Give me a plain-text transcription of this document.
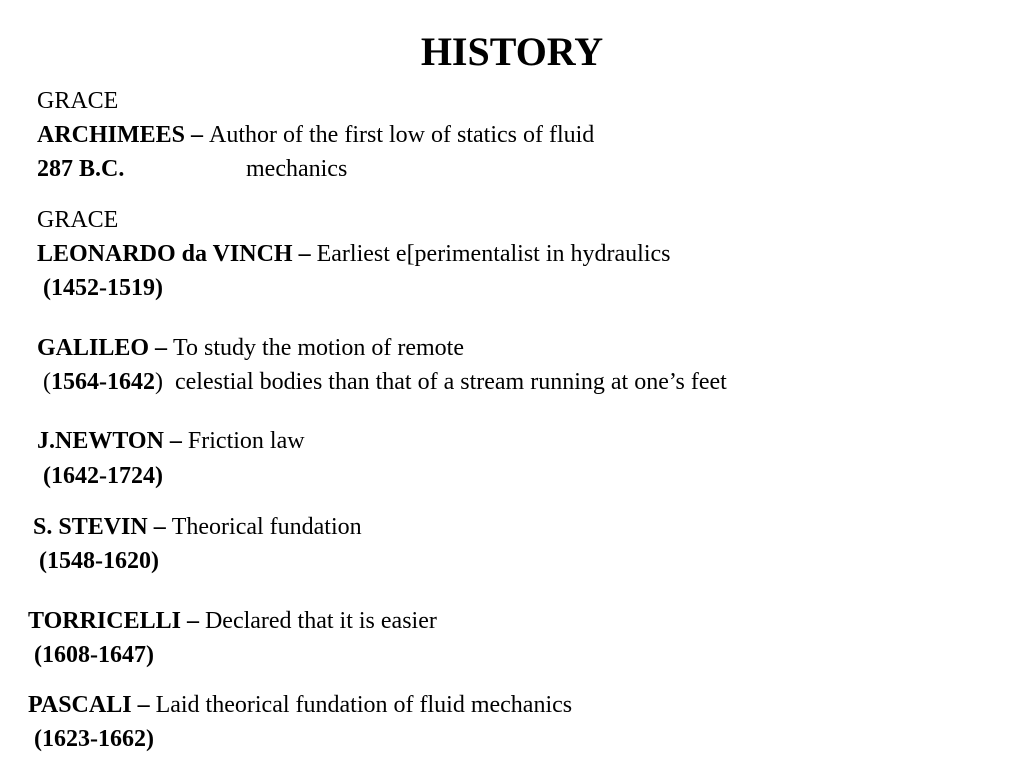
HISTORY
GRACE
ARCHIMEES – Author of the first low of statics of fluid
287 B.C.	mechanics
GRACE
LEONARDO da VINCH – Earliest e[perimentalist in hydraulics
(1452-1519)
GALILEO – To study the motion of remote
(1564-1642)  celestial bodies than that of a stream running at one’s feet
J.NEWTON – Friction law
(1642-1724)
S. STEVIN – Theorical fundation
(1548-1620)
TORRICELLI – Declared that it is easier
(1608-1647)
PASCALI – Laid theorical fundation of fluid mechanics
(1623-1662)
